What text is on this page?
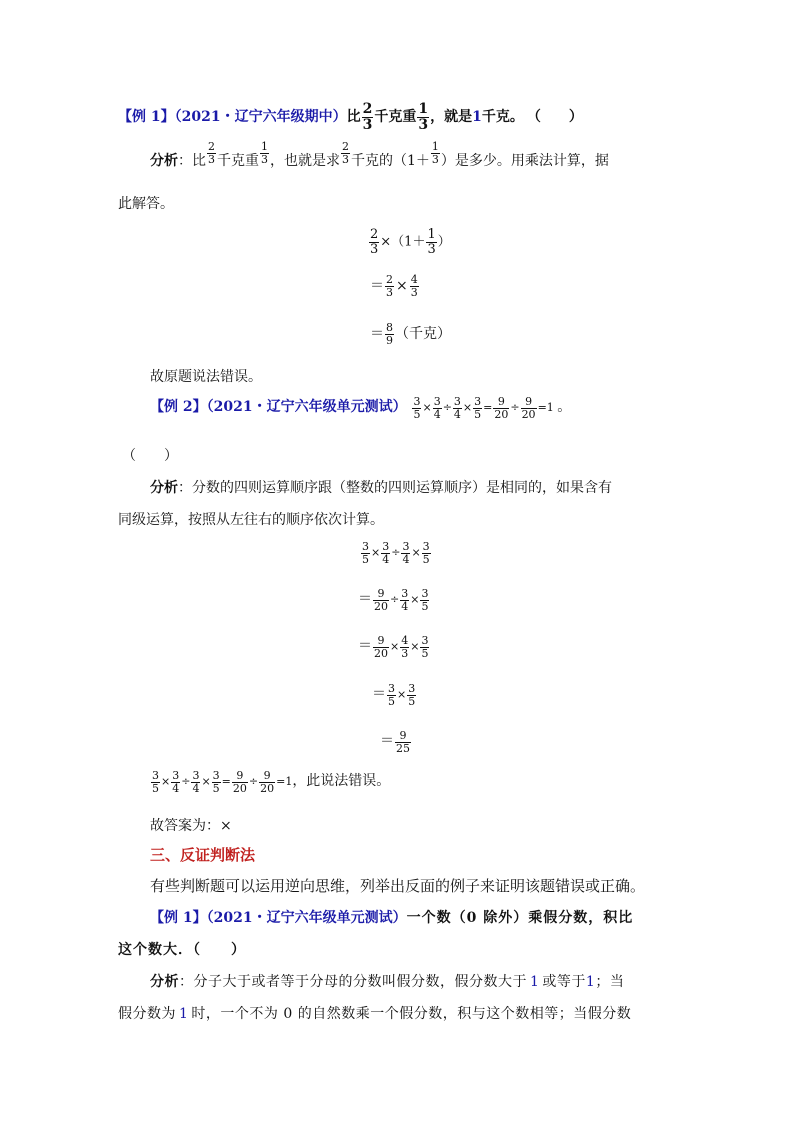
【例 1】（2021・辽宁六年级期中）比 $\frac{2}{3}$ 千克重 $\frac{1}{3}$ ，就是1千克。 （　　）
分析：比 $\frac{2}{3}$ 千克重 $\frac{1}{3}$ ，也就是求 $\frac{2}{3}$ 千克的（$1+ \frac{1}{3}$ ）是多少。用乘法计算，据
此解答。
$\frac{2}{3} \times(1+ \frac{1}{3}$ ）
＝ $\frac{2}{3} \times \frac{4}{3}$
＝ $\frac{8}{9}$ （千克）
故原题说法错误。
【例 2】（2021・辽宁六年级单元测试） $\frac{3}{5} \times \frac{3}{4} \div \frac{3}{4} \times \frac{3}{5} = \frac{9}{20} \div \frac{9}{20} =1$ 。
（　　）
分析：分数的四则运算顺序跟（整数的四则运算顺序）是相同的，如果含有
同级运算，按照从左往右的顺序依次计算。
$\frac{3}{5} \times \frac{3}{4} \div \frac{3}{4} \times \frac{3}{5}$
＝ $\frac{9}{20} \div \frac{3}{4} \times \frac{3}{5}$
＝ $\frac{9}{20} \times \frac{4}{3} \times \frac{3}{5}$
＝ $\frac{3}{5} \times \frac{3}{5}$
＝ $\frac{9}{25}$
$\frac{3}{5} \times \frac{3}{4} \div \frac{3}{4} \times \frac{3}{5} = \frac{9}{20} \div \frac{9}{20} =1$，此说法错误。
故答案为：×
三、反证判断法
有些判断题可以运用逆向思维，列举出反面的例子来证明该题错误或正确。
【例 1】（2021・辽宁六年级单元测试）一个数（0 除外）乘假分数，积比
这个数大．（　　）
分析：分子大于或者等于分母的分数叫假分数，假分数大于 1 或等于1；当
假分数为 1 时，一个不为 0 的自然数乘一个假分数，积与这个数相等；当假分数
